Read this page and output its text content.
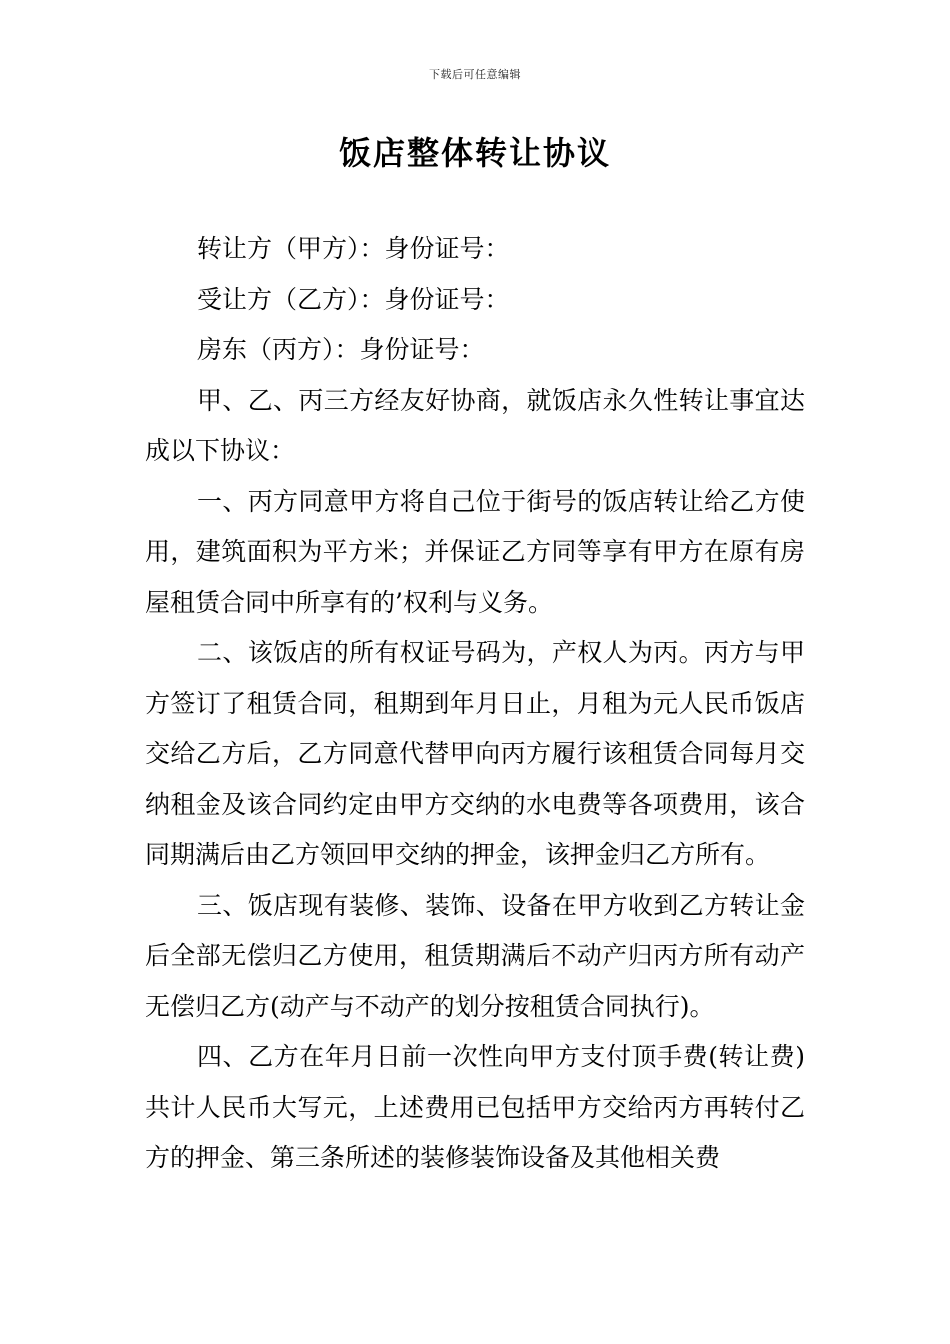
下载后可任意编辑
饭店整体转让协议

转让方（甲方）：身份证号：

受让方（乙方）：身份证号：

房东（丙方）：身份证号：

甲、乙、丙三方经友好协商，就饭店永久性转让事宜达成以下协议：

一、丙方同意甲方将自己位于街号的饭店转让给乙方使用，建筑面积为平方米；并保证乙方同等享有甲方在原有房屋租赁合同中所享有的’权利与义务。

二、该饭店的所有权证号码为，产权人为丙。丙方与甲方签订了租赁合同，租期到年月日止，月租为元人民币饭店交给乙方后，乙方同意代替甲向丙方履行该租赁合同每月交纳租金及该合同约定由甲方交纳的水电费等各项费用，该合同期满后由乙方领回甲交纳的押金，该押金归乙方所有。

三、饭店现有装修、装饰、设备在甲方收到乙方转让金后全部无偿归乙方使用，租赁期满后不动产归丙方所有动产无偿归乙方(动产与不动产的划分按租赁合同执行)。

四、乙方在年月日前一次性向甲方支付顶手费(转让费)共计人民币大写元，上述费用已包括甲方交给丙方再转付乙方的押金、第三条所述的装修装饰设备及其他相关费
